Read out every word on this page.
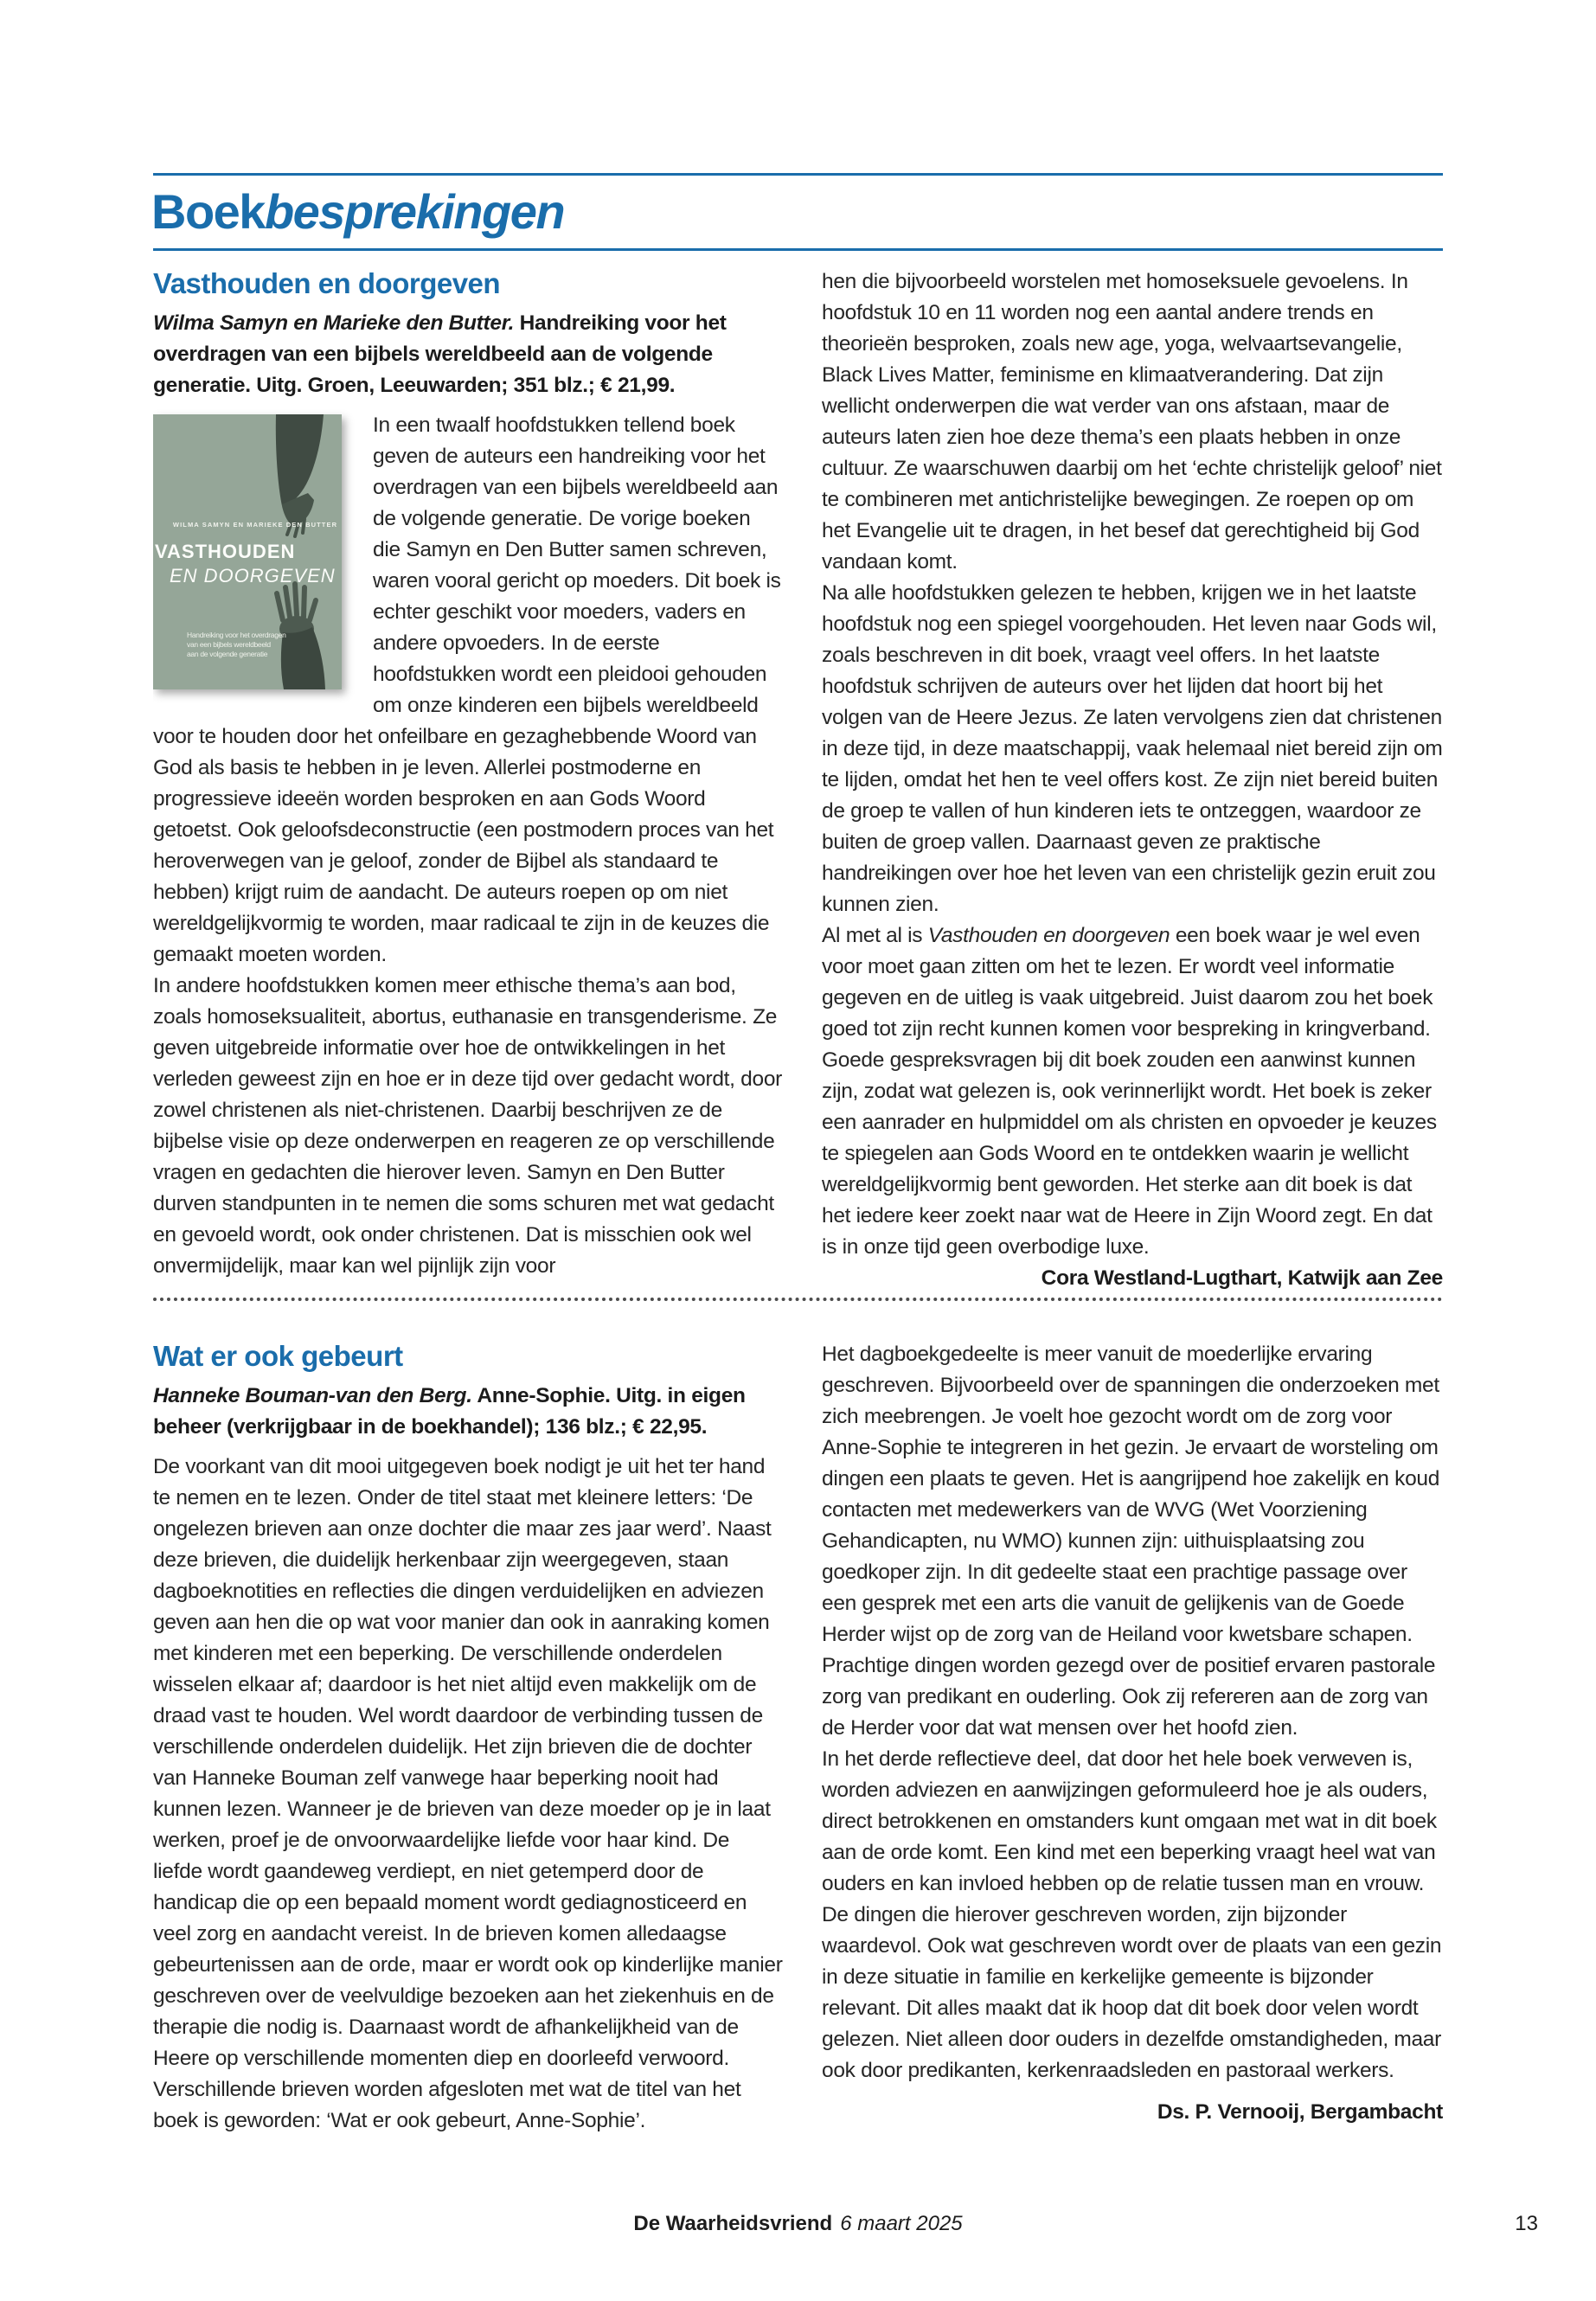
Boekbesprekingen
Vasthouden en doorgeven
Wilma Samyn en Marieke den Butter. Handreiking voor het overdragen van een bijbels wereldbeeld aan de volgende generatie. Uitg. Groen, Leeuwarden; 351 blz.; € 21,99.
WILMA SAMYN EN MARIEKE DEN BUTTER
VASTHOUDEN
EN DOORGEVEN
Handreiking voor het overdragen
van een bijbels wereldbeeld
aan de volgende generatie

In een twaalf hoofdstukken tellend boek geven de auteurs een handreiking voor het overdragen van een bijbels wereldbeeld aan de volgende generatie. De vorige boeken die Samyn en Den Butter samen schreven, waren vooral gericht op moeders. Dit boek is echter geschikt voor moeders, vaders en andere opvoeders. In de eerste hoofdstukken wordt een pleidooi gehouden om onze kinderen een bijbels wereldbeeld voor te houden door het onfeilbare en gezaghebbende Woord van God als basis te hebben in je leven. Allerlei postmoderne en progressieve ideeën worden besproken en aan Gods Woord getoetst. Ook geloofsdeconstructie (een postmodern proces van het heroverwegen van je geloof, zonder de Bijbel als standaard te hebben) krijgt ruim de aandacht. De auteurs roepen op om niet wereldgelijkvormig te worden, maar radicaal te zijn in de keuzes die gemaakt moeten worden.

In andere hoofdstukken komen meer ethische thema’s aan bod, zoals homoseksualiteit, abortus, euthanasie en transgenderisme. Ze geven uitgebreide informatie over hoe de ontwikkelingen in het verleden geweest zijn en hoe er in deze tijd over gedacht wordt, door zowel christenen als niet-christenen. Daarbij beschrijven ze de bijbelse visie op deze onderwerpen en reageren ze op verschillende vragen en gedachten die hierover leven. Samyn en Den Butter durven standpunten in te nemen die soms schuren met wat gedacht en gevoeld wordt, ook onder christenen. Dat is misschien ook wel onvermijdelijk, maar kan wel pijnlijk zijn voor

hen die bijvoorbeeld worstelen met homoseksuele gevoelens. In hoofdstuk 10 en 11 worden nog een aantal andere trends en theorieën besproken, zoals new age, yoga, welvaartsevangelie, Black Lives Matter, feminisme en klimaatverandering. Dat zijn wellicht onderwerpen die wat verder van ons afstaan, maar de auteurs laten zien hoe deze thema’s een plaats hebben in onze cultuur. Ze waarschuwen daarbij om het ‘echte christelijk geloof’ niet te combineren met antichristelijke bewegingen. Ze roepen op om het Evangelie uit te dragen, in het besef dat gerechtigheid bij God vandaan komt.

Na alle hoofdstukken gelezen te hebben, krijgen we in het laatste hoofdstuk nog een spiegel voorgehouden. Het leven naar Gods wil, zoals beschreven in dit boek, vraagt veel offers. In het laatste hoofdstuk schrijven de auteurs over het lijden dat hoort bij het volgen van de Heere Jezus. Ze laten vervolgens zien dat christenen in deze tijd, in deze maatschappij, vaak helemaal niet bereid zijn om te lijden, omdat het hen te veel offers kost. Ze zijn niet bereid buiten de groep te vallen of hun kinderen iets te ontzeggen, waardoor ze buiten de groep vallen. Daarnaast geven ze praktische handreikingen over hoe het leven van een christelijk gezin eruit zou kunnen zien.

Al met al is Vasthouden en doorgeven een boek waar je wel even voor moet gaan zitten om het te lezen. Er wordt veel informatie gegeven en de uitleg is vaak uitgebreid. Juist daarom zou het boek goed tot zijn recht kunnen komen voor bespreking in kringverband. Goede gespreksvragen bij dit boek zouden een aanwinst kunnen zijn, zodat wat gelezen is, ook verinnerlijkt wordt. Het boek is zeker een aanrader en hulpmiddel om als christen en opvoeder je keuzes te spiegelen aan Gods Woord en te ontdekken waarin je wellicht wereldgelijkvormig bent geworden. Het sterke aan dit boek is dat het iedere keer zoekt naar wat de Heere in Zijn Woord zegt. En dat is in onze tijd geen overbodige luxe.

Cora Westland-Lugthart, Katwijk aan Zee
Wat er ook gebeurt
Hanneke Bouman-van den Berg. Anne-Sophie. Uitg. in eigen beheer (verkrijgbaar in de boekhandel); 136 blz.; € 22,95.

De voorkant van dit mooi uitgegeven boek nodigt je uit het ter hand te nemen en te lezen. Onder de titel staat met kleinere letters: ‘De ongelezen brieven aan onze dochter die maar zes jaar werd’. Naast deze brieven, die duidelijk herkenbaar zijn weergegeven, staan dagboeknotities en reflecties die dingen verduidelijken en adviezen geven aan hen die op wat voor manier dan ook in aanraking komen met kinderen met een beperking. De verschillende onderdelen wisselen elkaar af; daardoor is het niet altijd even makkelijk om de draad vast te houden. Wel wordt daardoor de verbinding tussen de verschillende onderdelen duidelijk. Het zijn brieven die de dochter van Hanneke Bouman zelf vanwege haar beperking nooit had kunnen lezen. Wanneer je de brieven van deze moeder op je in laat werken, proef je de onvoorwaardelijke liefde voor haar kind. De liefde wordt gaandeweg verdiept, en niet getemperd door de handicap die op een bepaald moment wordt gediagnosticeerd en veel zorg en aandacht vereist. In de brieven komen alledaagse gebeurtenissen aan de orde, maar er wordt ook op kinderlijke manier geschreven over de veelvuldige bezoeken aan het ziekenhuis en de therapie die nodig is. Daarnaast wordt de afhankelijkheid van de Heere op verschillende momenten diep en doorleefd verwoord. Verschillende brieven worden afgesloten met wat de titel van het boek is geworden: ‘Wat er ook gebeurt, Anne-Sophie’.

Het dagboekgedeelte is meer vanuit de moederlijke ervaring geschreven. Bijvoorbeeld over de spanningen die onderzoeken met zich meebrengen. Je voelt hoe gezocht wordt om de zorg voor Anne-Sophie te integreren in het gezin. Je ervaart de worsteling om dingen een plaats te geven. Het is aangrijpend hoe zakelijk en koud contacten met medewerkers van de WVG (Wet Voorziening Gehandicapten, nu WMO) kunnen zijn: uithuisplaatsing zou goedkoper zijn. In dit gedeelte staat een prachtige passage over een gesprek met een arts die vanuit de gelijkenis van de Goede Herder wijst op de zorg van de Heiland voor kwetsbare schapen. Prachtige dingen worden gezegd over de positief ervaren pastorale zorg van predikant en ouderling. Ook zij refereren aan de zorg van de Herder voor dat wat mensen over het hoofd zien.

In het derde reflectieve deel, dat door het hele boek verweven is, worden adviezen en aanwijzingen geformuleerd hoe je als ouders, direct betrokkenen en omstanders kunt omgaan met wat in dit boek aan de orde komt. Een kind met een beperking vraagt heel wat van ouders en kan invloed hebben op de relatie tussen man en vrouw. De dingen die hierover geschreven worden, zijn bijzonder waardevol. Ook wat geschreven wordt over de plaats van een gezin in deze situatie in familie en kerkelijke gemeente is bijzonder relevant. Dit alles maakt dat ik hoop dat dit boek door velen wordt gelezen. Niet alleen door ouders in dezelfde omstandigheden, maar ook door predikanten, kerkenraadsleden en pastoraal werkers.

Ds. P. Vernooij, Bergambacht
De Waarheidsvriend 6 maart 2025	13
